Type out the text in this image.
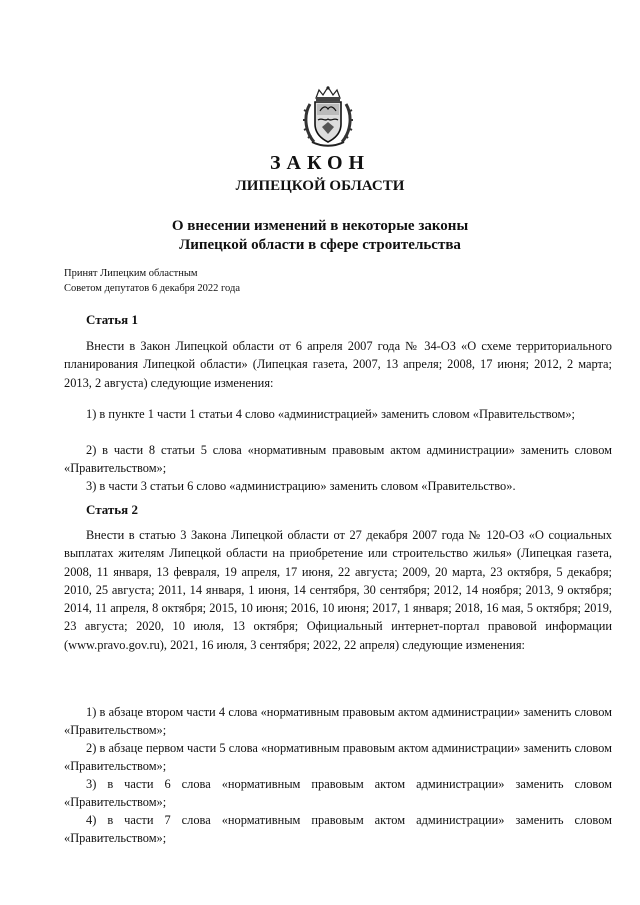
ЗАКОН
ЛИПЕЦКОЙ ОБЛАСТИ
О внесении изменений в некоторые законы
Липецкой области в сфере строительства
Принят Липецким областным
Советом депутатов 6 декабря 2022 года
Статья 1

Внести в Закон Липецкой области от 6 апреля 2007 года № 34-ОЗ «О схеме территориального планирования Липецкой области» (Липецкая газета, 2007, 13 апреля; 2008, 17 июня; 2012, 2 марта; 2013, 2 августа) следующие изменения:

1) в пункте 1 части 1 статьи 4 слово «администрацией» заменить словом «Правительством»;

2) в части 8 статьи 5 слова «нормативным правовым актом администрации» заменить словом «Правительством»;

3) в части 3 статьи 6 слово «администрацию» заменить словом «Правительство».

Статья 2

Внести в статью 3 Закона Липецкой области от 27 декабря 2007 года № 120-ОЗ «О социальных выплатах жителям Липецкой области на приобретение или строительство жилья» (Липецкая газета, 2008, 11 января, 13 февраля, 19 апреля, 17 июня, 22 августа; 2009, 20 марта, 23 октября, 5 декабря; 2010, 25 августа; 2011, 14 января, 1 июня, 14 сентября, 30 сентября; 2012, 14 ноября; 2013, 9 октября; 2014, 11 апреля, 8 октября; 2015, 10 июня; 2016, 10 июня; 2017, 1 января; 2018, 16 мая, 5 октября; 2019, 23 августа; 2020, 10 июля, 13 октября; Официальный интернет-портал правовой информации (www.pravo.gov.ru), 2021, 16 июля, 3 сентября; 2022, 22 апреля) следующие изменения:

1) в абзаце втором части 4 слова «нормативным правовым актом администрации» заменить словом «Правительством»;

2) в абзаце первом части 5 слова «нормативным правовым актом администрации» заменить словом «Правительством»;

3) в части 6 слова «нормативным правовым актом администрации» заменить словом «Правительством»;

4) в части 7 слова «нормативным правовым актом администрации» заменить словом «Правительством»;
